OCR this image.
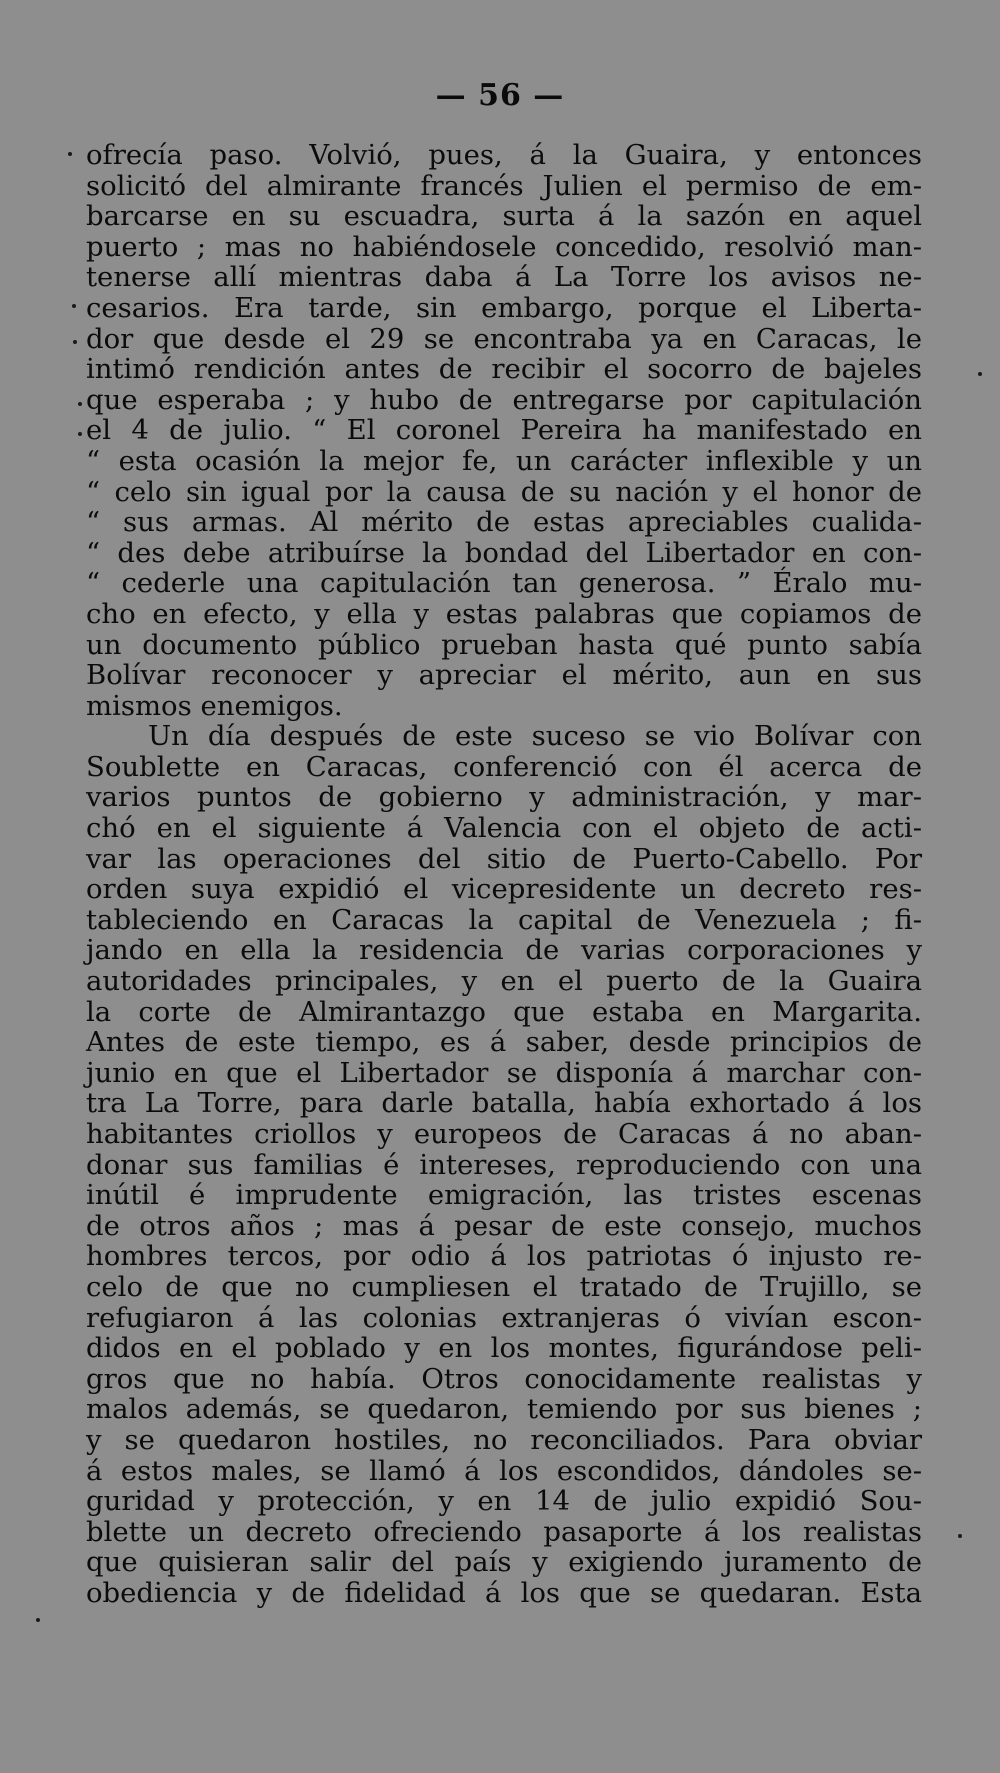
— 56 —
ofrecía paso. Volvió, pues, á la Guaira, y entonces
solicitó del almirante francés Julien el permiso de em-
barcarse en su escuadra, surta á la sazón en aquel
puerto ; mas no habiéndosele concedido, resolvió man-
tenerse allí mientras daba á La Torre los avisos ne-
cesarios. Era tarde, sin embargo, porque el Liberta-
dor que desde el 29 se encontraba ya en Caracas, le
intimó rendición antes de recibir el socorro de bajeles
que esperaba ; y hubo de entregarse por capitulación
el 4 de julio. “ El coronel Pereira ha manifestado en
“ esta ocasión la mejor fe, un carácter inflexible y un
“ celo sin igual por la causa de su nación y el honor de
“ sus armas. Al mérito de estas apreciables cualida-
“ des debe atribuírse la bondad del Libertador en con-
“ cederle una capitulación tan generosa. ” Éralo mu-
cho en efecto, y ella y estas palabras que copiamos de
un documento público prueban hasta qué punto sabía
Bolívar reconocer y apreciar el mérito, aun en sus
mismos enemigos.
Un día después de este suceso se vio Bolívar con
Soublette en Caracas, conferenció con él acerca de
varios puntos de gobierno y administración, y mar-
chó en el siguiente á Valencia con el objeto de acti-
var las operaciones del sitio de Puerto-Cabello. Por
orden suya expidió el vicepresidente un decreto res-
tableciendo en Caracas la capital de Venezuela ; fi-
jando en ella la residencia de varias corporaciones y
autoridades principales, y en el puerto de la Guaira
la corte de Almirantazgo que estaba en Margarita.
Antes de este tiempo, es á saber, desde principios de
junio en que el Libertador se disponía á marchar con-
tra La Torre, para darle batalla, había exhortado á los
habitantes criollos y europeos de Caracas á no aban-
donar sus familias é intereses, reproduciendo con una
inútil é imprudente emigración, las tristes escenas
de otros años ; mas á pesar de este consejo, muchos
hombres tercos, por odio á los patriotas ó injusto re-
celo de que no cumpliesen el tratado de Trujillo, se
refugiaron á las colonias extranjeras ó vivían escon-
didos en el poblado y en los montes, figurándose peli-
gros que no había. Otros conocidamente realistas y
malos además, se quedaron, temiendo por sus bienes ;
y se quedaron hostiles, no reconciliados. Para obviar
á estos males, se llamó á los escondidos, dándoles se-
guridad y protección, y en 14 de julio expidió Sou-
blette un decreto ofreciendo pasaporte á los realistas
que quisieran salir del país y exigiendo juramento de
obediencia y de fidelidad á los que se quedaran. Esta
